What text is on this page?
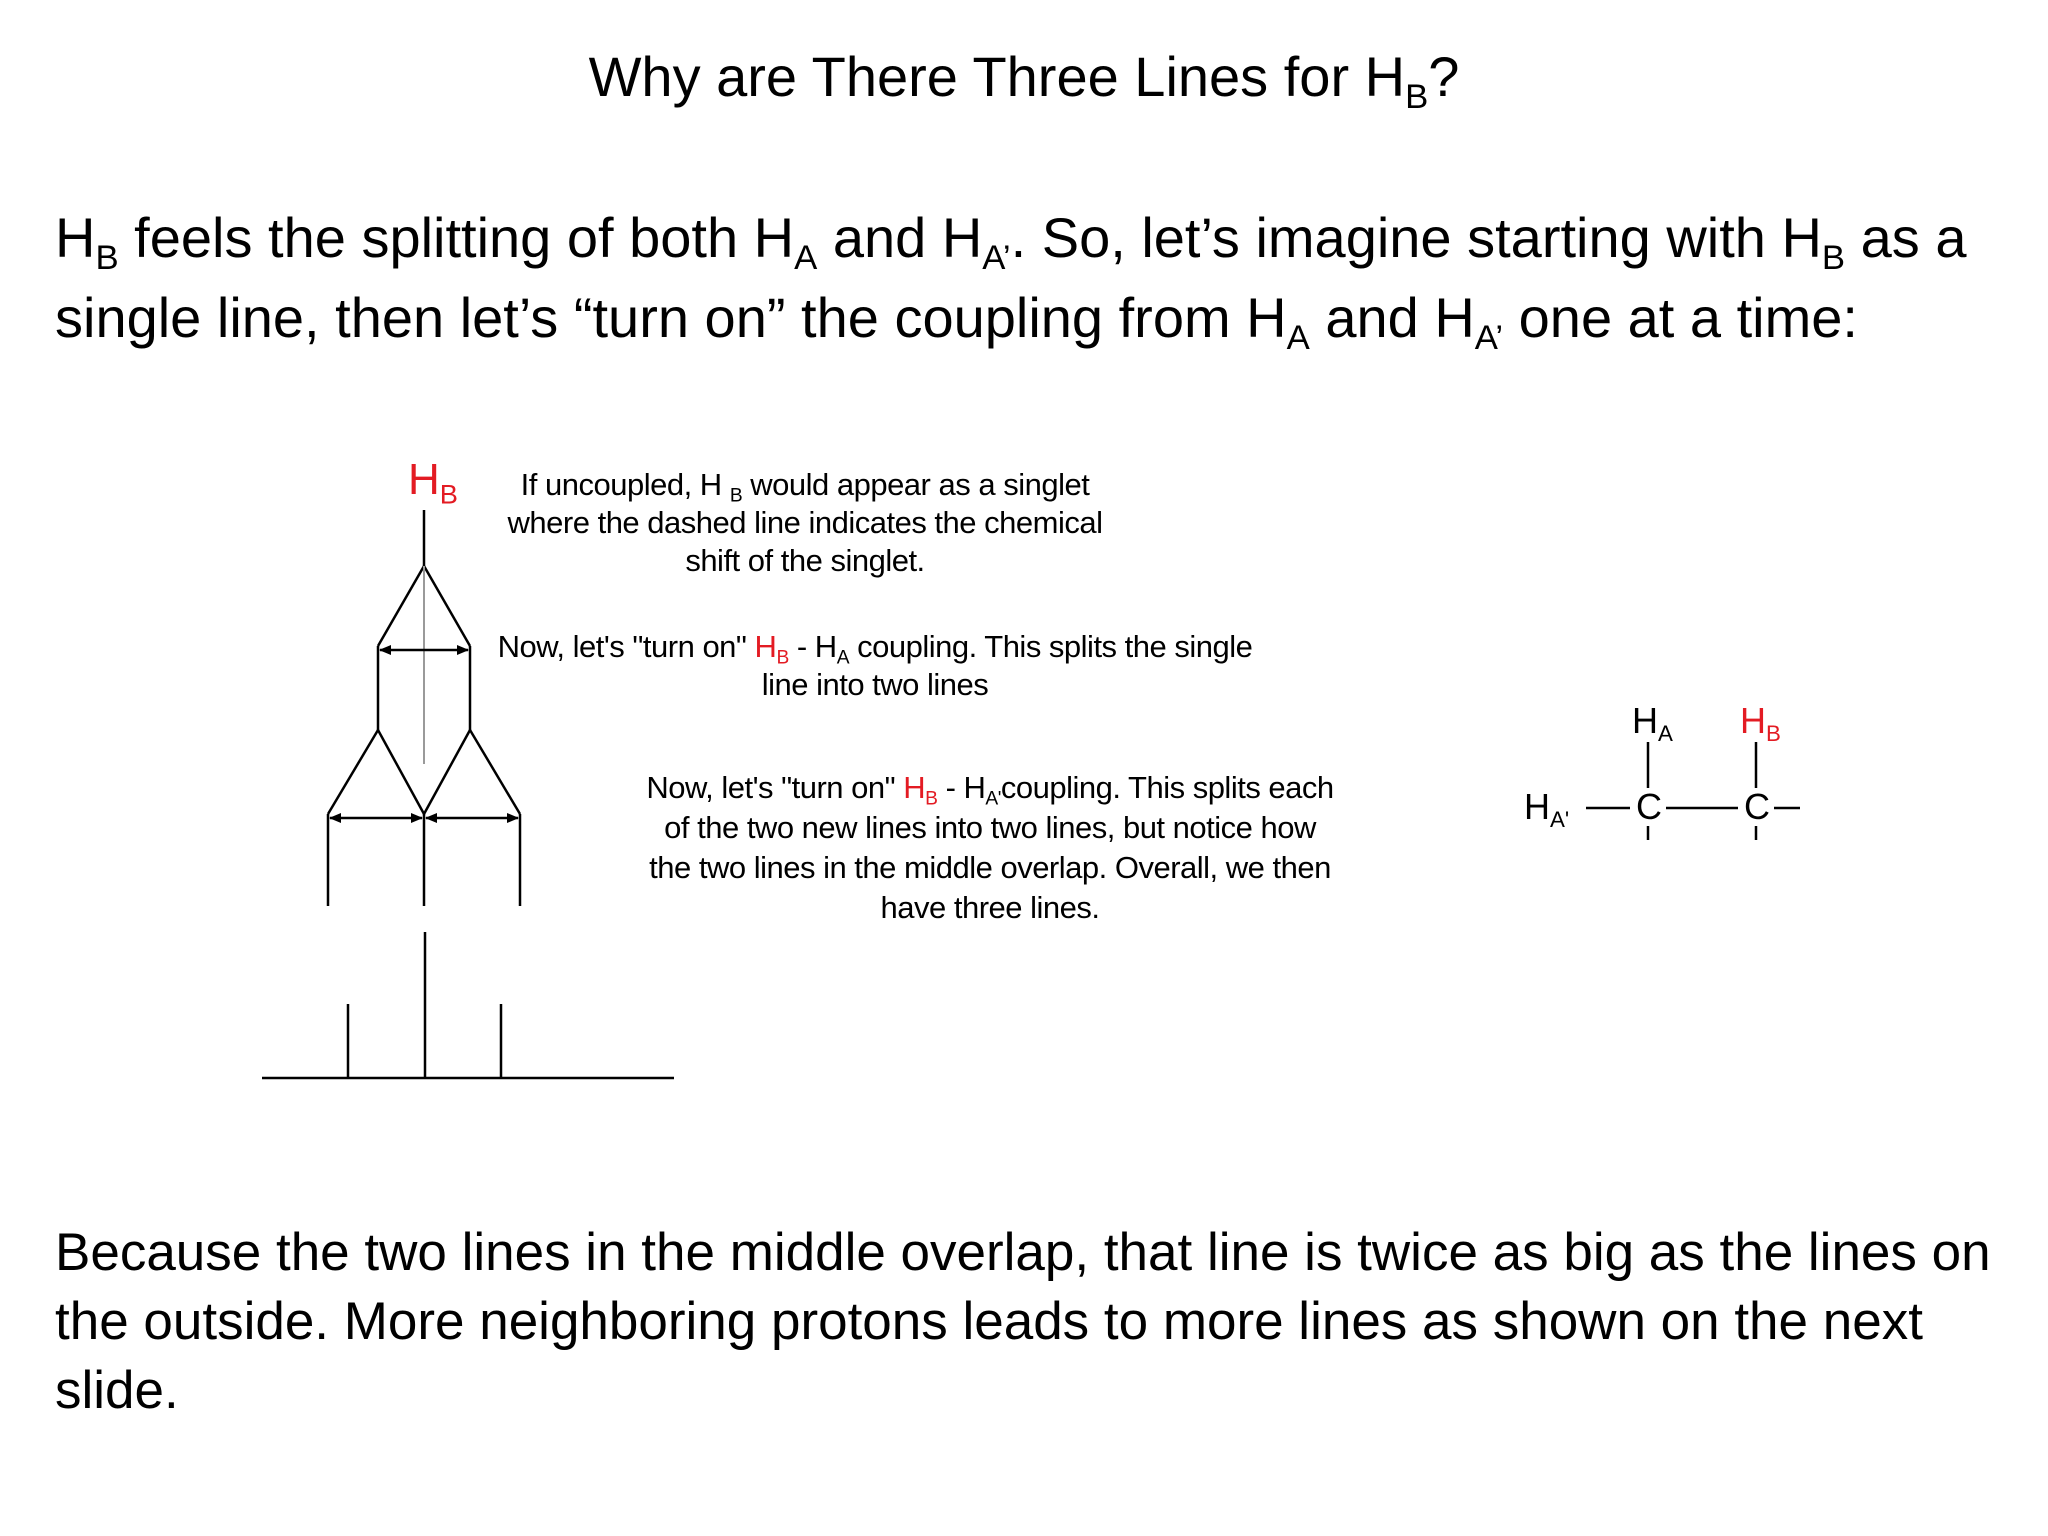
Why are There Three Lines for $H_B$?
$H_B$ feels the splitting of both $H_A$ and $H_{A’}$. So, let’s imagine starting with $H_B$ as a single line, then let’s “turn on” the coupling from $H_A$ and $H_{A’}$ one at a time:
$H_B$	If uncoupled, H $_B$ would appear as a singlet where the dashed line indicates the chemical shift of the singlet.
Now, let's "turn on" $H_B - H_A$ coupling. This splits the single line into two lines
Now, let's "turn on" $H_B$ - $H_{A'}coupling$. This splits each of the two new lines into two lines, but notice how the two lines in the middle overlap. Overall, we then have three lines.
$H_A$ $H_B$
$H_{A'}$ C C
Because the two lines in the middle overlap, that line is twice as big as the lines on the outside. More neighboring protons leads to more lines as shown on the next slide.
